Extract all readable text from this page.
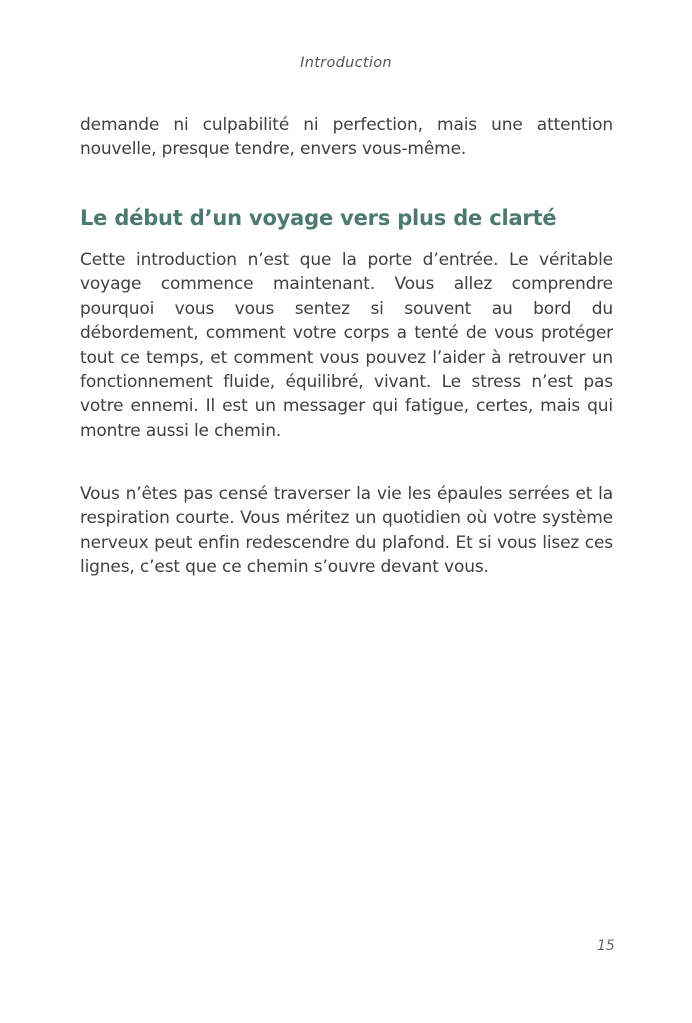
Introduction

demande ni culpabilité ni perfection, mais une attention nouvelle, presque tendre, envers vous-même.

Le début d’un voyage vers plus de clarté

Cette introduction n’est que la porte d’entrée. Le véritable voyage commence maintenant. Vous allez comprendre pourquoi vous vous sentez si souvent au bord du débordement, comment votre corps a tenté de vous protéger tout ce temps, et comment vous pouvez l’aider à retrouver un fonctionnement fluide, équilibré, vivant. Le stress n’est pas votre ennemi. Il est un messager qui fatigue, certes, mais qui montre aussi le chemin.

Vous n’êtes pas censé traverser la vie les épaules serrées et la respiration courte. Vous méritez un quotidien où votre système nerveux peut enfin redescendre du plafond. Et si vous lisez ces lignes, c’est que ce chemin s’ouvre devant vous.

15
